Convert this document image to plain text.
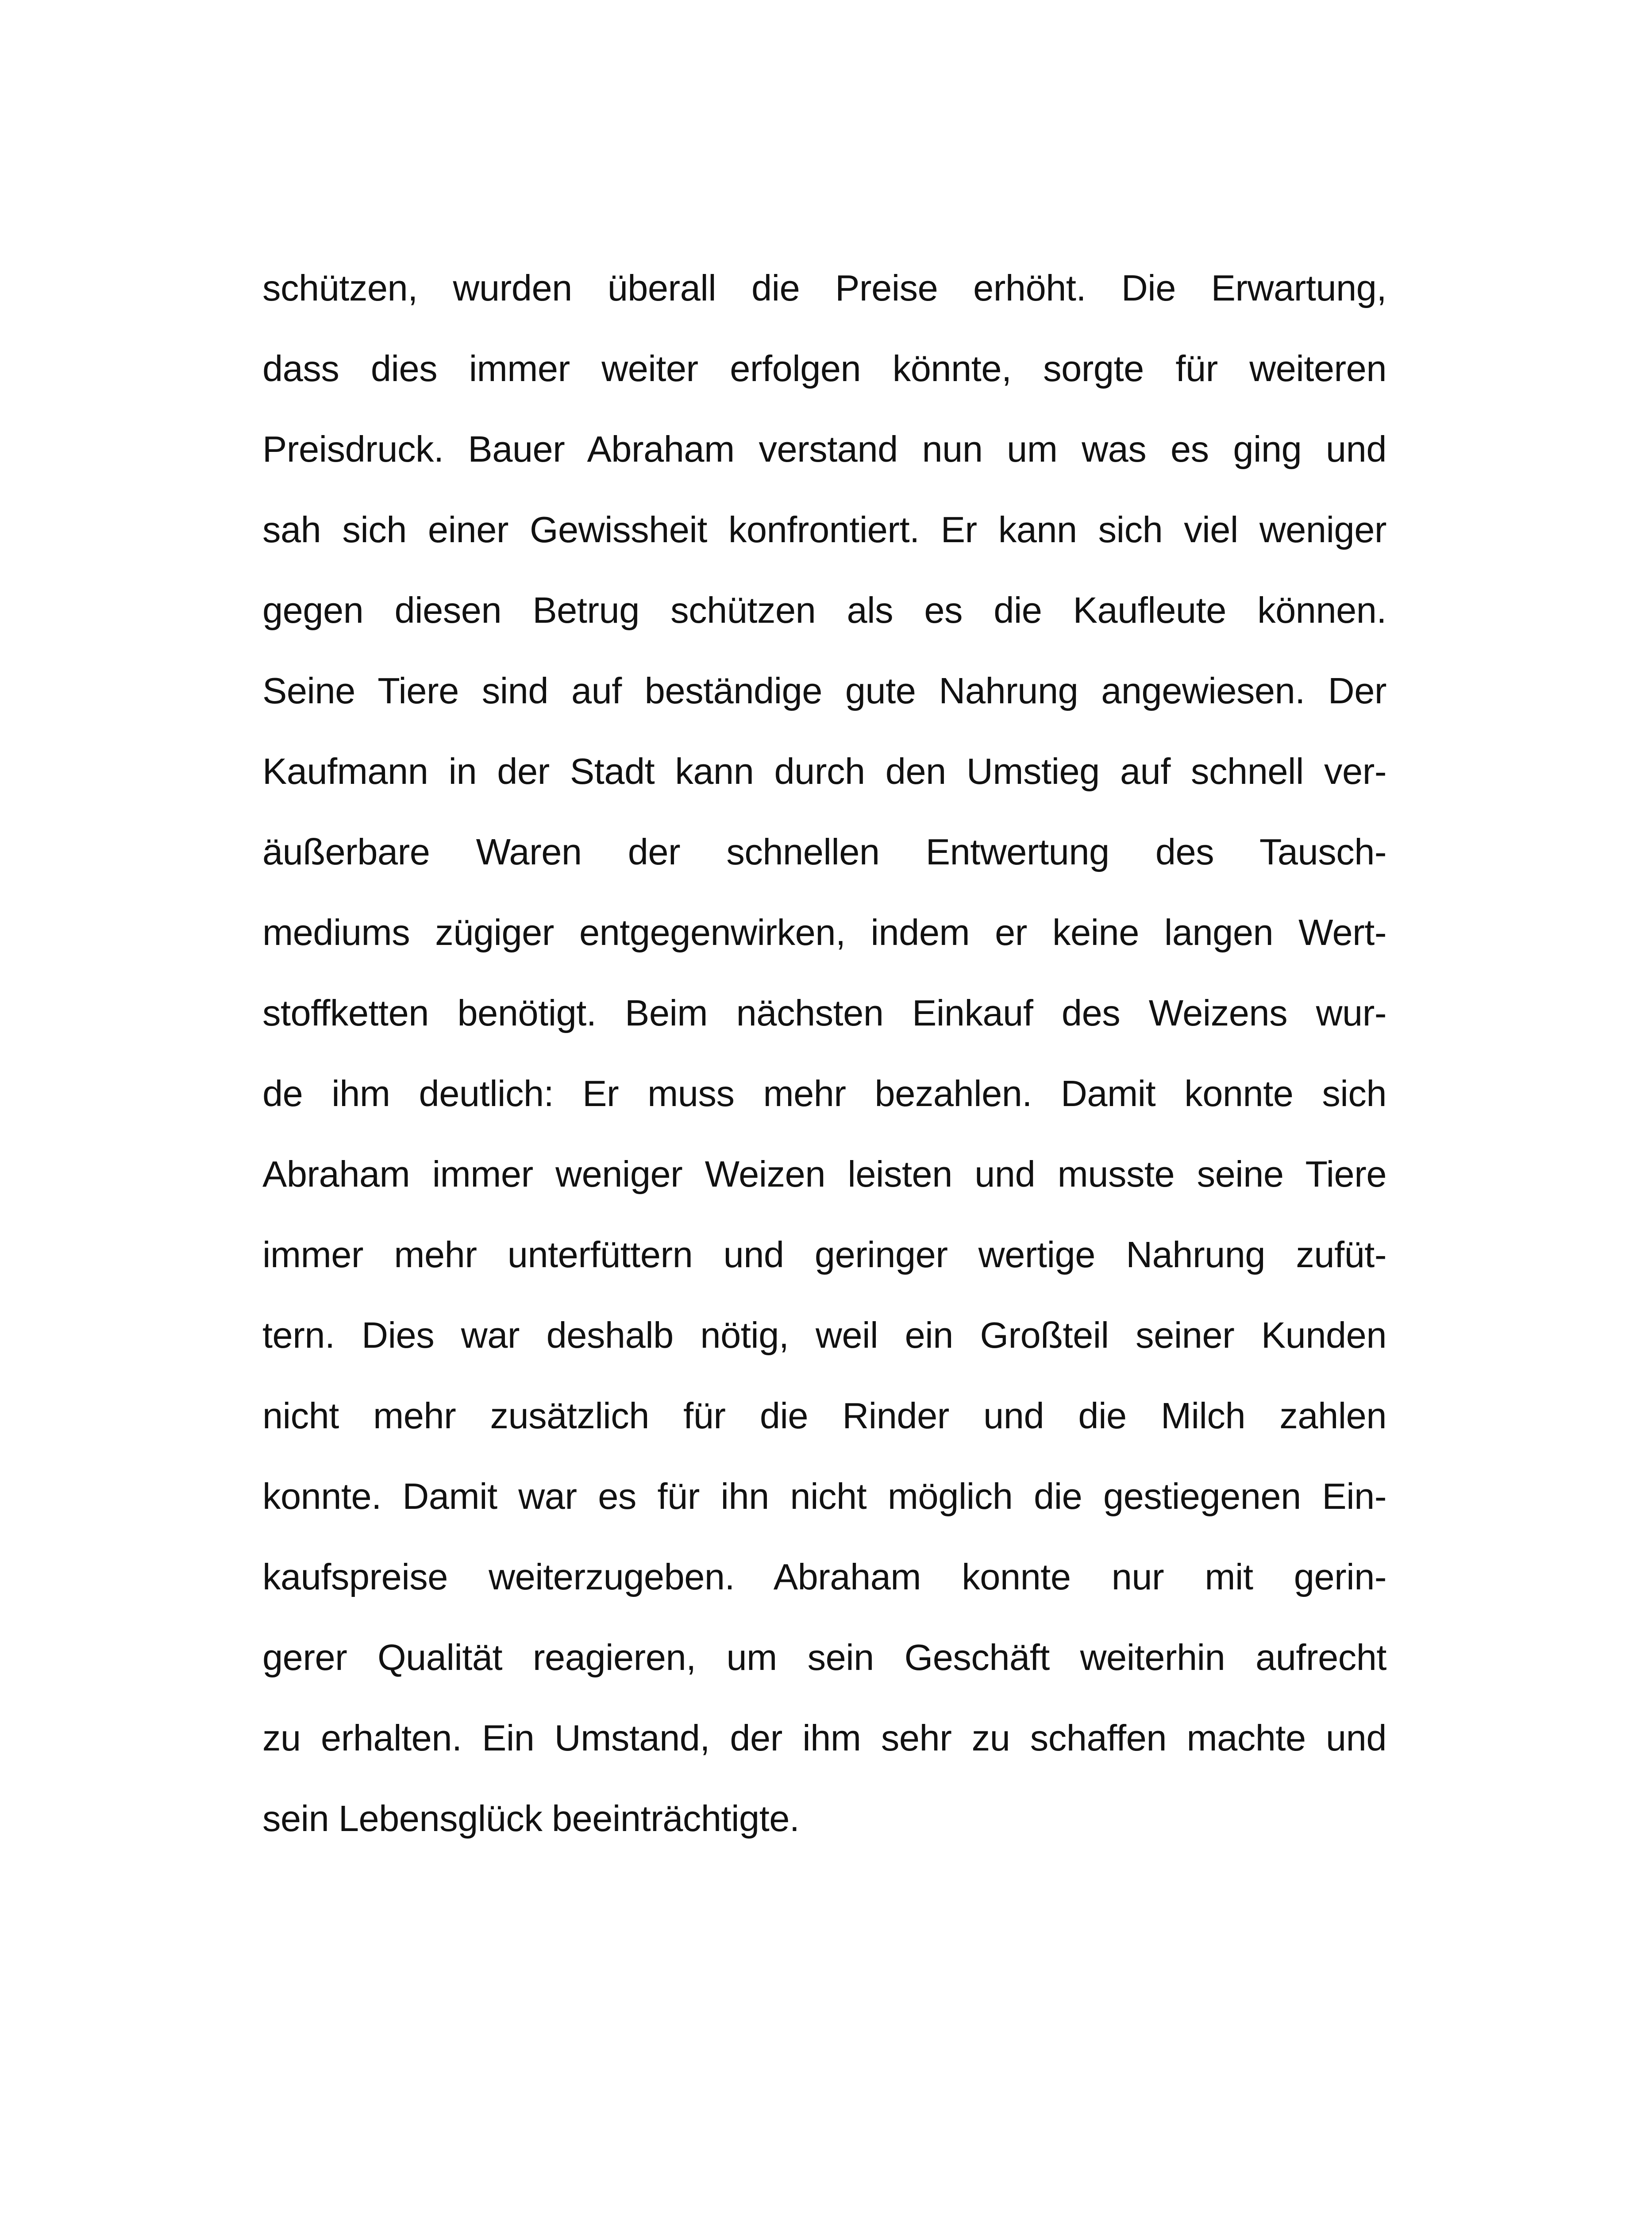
schützen, wurden überall die Preise erhöht. Die Erwartung,
dass dies immer weiter erfolgen könnte, sorgte für weiteren
Preisdruck. Bauer Abraham verstand nun um was es ging und
sah sich einer Gewissheit konfrontiert. Er kann sich viel weniger
gegen diesen Betrug schützen als es die Kaufleute können.
Seine Tiere sind auf beständige gute Nahrung angewiesen. Der
Kaufmann in der Stadt kann durch den Umstieg auf schnell ver-
äußerbare Waren der schnellen Entwertung des Tausch-
mediums zügiger entgegenwirken, indem er keine langen Wert-
stoffketten benötigt. Beim nächsten Einkauf des Weizens wur-
de ihm deutlich: Er muss mehr bezahlen. Damit konnte sich
Abraham immer weniger Weizen leisten und musste seine Tiere
immer mehr unterfüttern und geringer wertige Nahrung zufüt-
tern. Dies war deshalb nötig, weil ein Großteil seiner Kunden
nicht mehr zusätzlich für die Rinder und die Milch zahlen
konnte. Damit war es für ihn nicht möglich die gestiegenen Ein-
kaufspreise weiterzugeben. Abraham konnte nur mit gerin-
gerer Qualität reagieren, um sein Geschäft weiterhin aufrecht
zu erhalten. Ein Umstand, der ihm sehr zu schaffen machte und
sein Lebensglück beeinträchtigte.
